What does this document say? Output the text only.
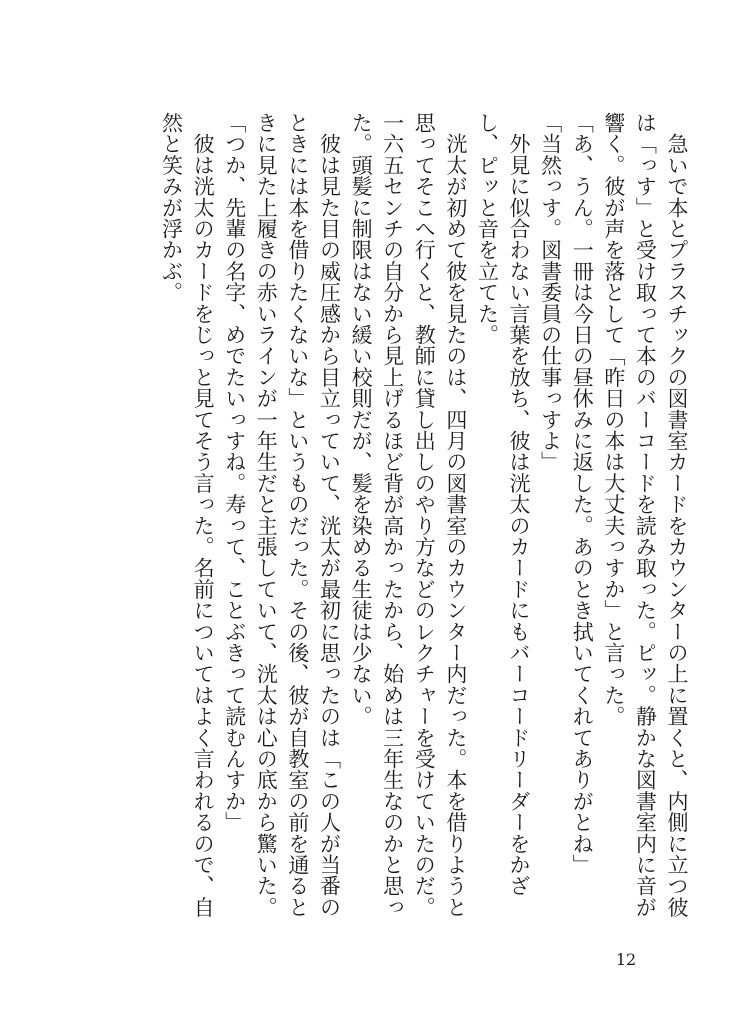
　急いで本とプラスチックの図書室カードをカウンターの上に置くと、内側に立つ彼は「っす」と受け取って本のバーコードを読み取った。ピッ。静かな図書室内に音が響く。彼が声を落として「昨日の本は大丈夫っすか」と言った。

「あ、うん。一冊は今日の昼休みに返した。あのとき拭いてくれてありがとね」

「当然っす。図書委員の仕事っすよ」

　外見に似合わない言葉を放ち、彼は洸太のカードにもバーコードリーダーをかざし、ピッと音を立てた。

　洸太が初めて彼を見たのは、四月の図書室のカウンター内だった。本を借りようと思ってそこへ行くと、教師に貸し出しのやり方などのレクチャーを受けていたのだ。一六五センチの自分から見上げるほど背が高かったから、始めは三年生なのかと思った。頭髪に制限はない緩い校則だが、髪を染める生徒は少ない。

　彼は見た目の威圧感から目立っていて、洸太が最初に思ったのは「この人が当番のときには本を借りたくないな」というものだった。その後、彼が自教室の前を通るときに見た上履きの赤いラインが一年生だと主張していて、洸太は心の底から驚いた。

「つか、先輩の名字、めでたいっすね。寿って、ことぶきって読むんすか」

　彼は洸太のカードをじっと見てそう言った。名前についてはよく言われるので、自然と笑みが浮かぶ。

12
